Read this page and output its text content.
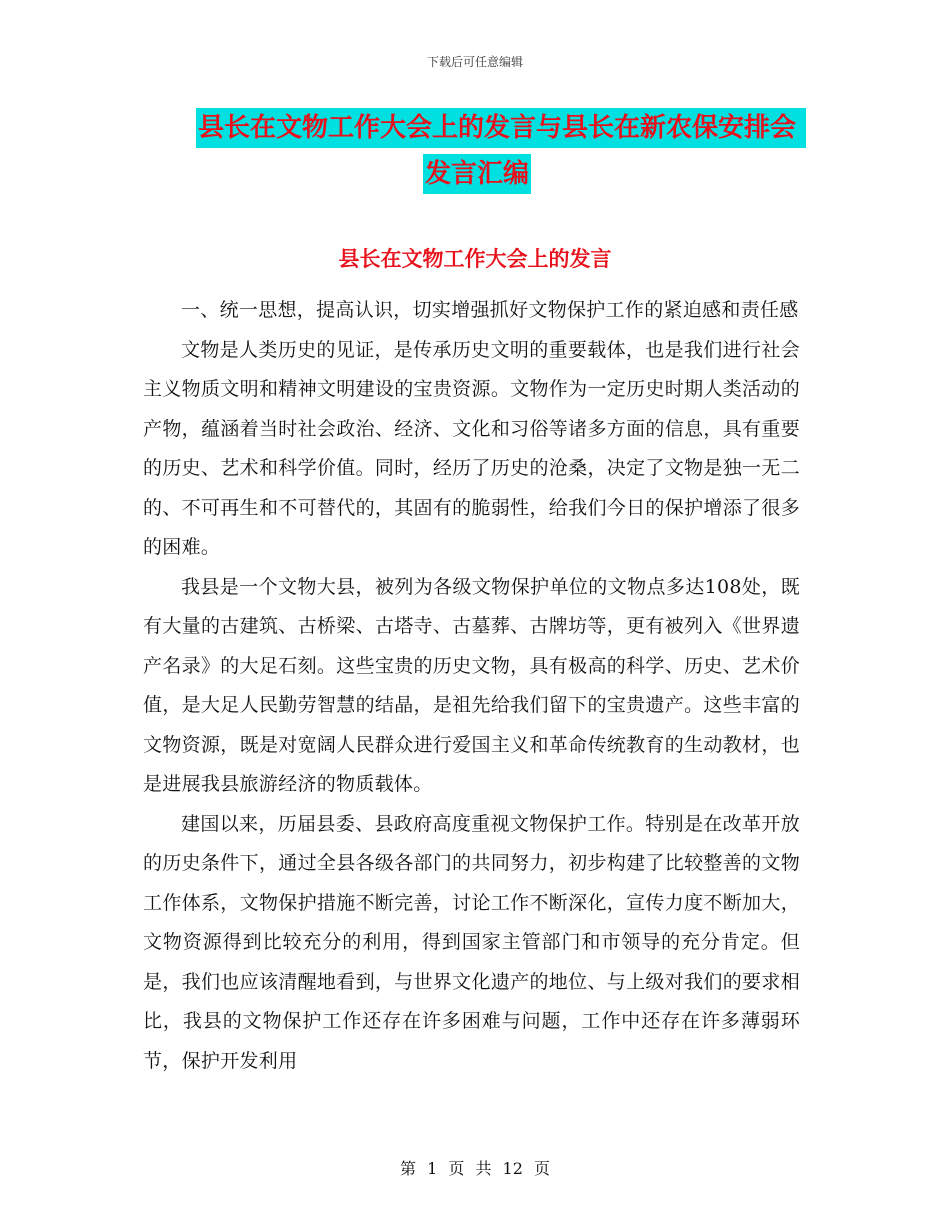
下载后可任意编辑
县长在文物工作大会上的发言与县长在新农保安排会
发言汇编
县长在文物工作大会上的发言

一、统一思想，提高认识，切实增强抓好文物保护工作的紧迫感和责任感

文物是人类历史的见证，是传承历史文明的重要载体，也是我们进行社会主义物质文明和精神文明建设的宝贵资源。文物作为一定历史时期人类活动的产物，蕴涵着当时社会政治、经济、文化和习俗等诸多方面的信息，具有重要的历史、艺术和科学价值。同时，经历了历史的沧桑，决定了文物是独一无二的、不可再生和不可替代的，其固有的脆弱性，给我们今日的保护增添了很多的困难。

我县是一个文物大县，被列为各级文物保护单位的文物点多达108处，既有大量的古建筑、古桥梁、古塔寺、古墓葬、古牌坊等，更有被列入《世界遗产名录》的大足石刻。这些宝贵的历史文物，具有极高的科学、历史、艺术价值，是大足人民勤劳智慧的结晶，是祖先给我们留下的宝贵遗产。这些丰富的文物资源，既是对宽阔人民群众进行爱国主义和革命传统教育的生动教材，也是进展我县旅游经济的物质载体。

建国以来，历届县委、县政府高度重视文物保护工作。特别是在改革开放的历史条件下，通过全县各级各部门的共同努力，初步构建了比较整善的文物工作体系，文物保护措施不断完善，讨论工作不断深化，宣传力度不断加大，文物资源得到比较充分的利用，得到国家主管部门和市领导的充分肯定。但是，我们也应该清醒地看到，与世界文化遗产的地位、与上级对我们的要求相比，我县的文物保护工作还存在许多困难与问题，工作中还存在许多薄弱环节，保护开发利用

第 1 页 共 12 页
